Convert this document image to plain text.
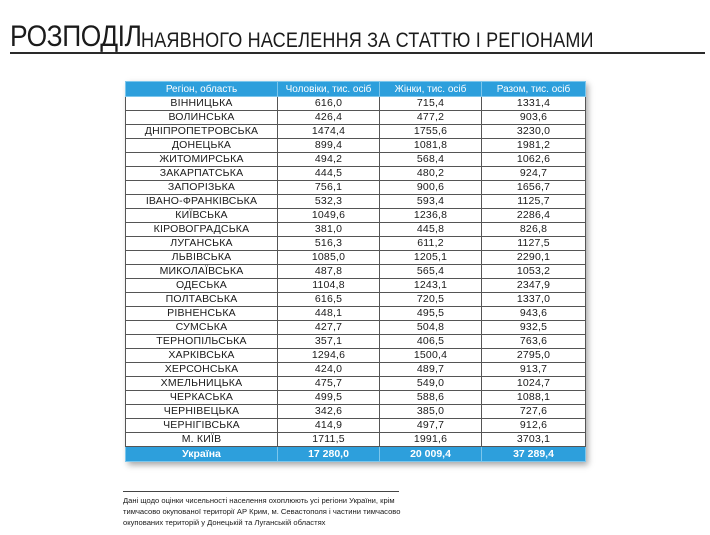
РОЗПОДІЛ НАЯВНОГО НАСЕЛЕННЯ ЗА СТАТТЮ І РЕГІОНАМИ
Регіон, область	Чоловіки, тис. осіб	Жінки, тис. осіб	Разом, тис. осіб
ВІННИЦЬКА	616,0	715,4	1331,4
ВОЛИНСЬКА	426,4	477,2	903,6
ДНІПРОПЕТРОВСЬКА	1474,4	1755,6	3230,0
ДОНЕЦЬКА	899,4	1081,8	1981,2
ЖИТОМИРСЬКА	494,2	568,4	1062,6
ЗАКАРПАТСЬКА	444,5	480,2	924,7
ЗАПОРІЗЬКА	756,1	900,6	1656,7
ІВАНО-ФРАНКІВСЬКА	532,3	593,4	1125,7
КИЇВСЬКА	1049,6	1236,8	2286,4
КІРОВОГРАДСЬКА	381,0	445,8	826,8
ЛУГАНСЬКА	516,3	611,2	1127,5
ЛЬВІВСЬКА	1085,0	1205,1	2290,1
МИКОЛАЇВСЬКА	487,8	565,4	1053,2
ОДЕСЬКА	1104,8	1243,1	2347,9
ПОЛТАВСЬКА	616,5	720,5	1337,0
РІВНЕНСЬКА	448,1	495,5	943,6
СУМСЬКА	427,7	504,8	932,5
ТЕРНОПІЛЬСЬКА	357,1	406,5	763,6
ХАРКІВСЬКА	1294,6	1500,4	2795,0
ХЕРСОНСЬКА	424,0	489,7	913,7
ХМЕЛЬНИЦЬКА	475,7	549,0	1024,7
ЧЕРКАСЬКА	499,5	588,6	1088,1
ЧЕРНІВЕЦЬКА	342,6	385,0	727,6
ЧЕРНІГІВСЬКА	414,9	497,7	912,6
М. КИЇВ	1711,5	1991,6	3703,1
Україна	17 280,0	20 009,4	37 289,4
Дані щодо оцінки чисельності населення охоплюють усі регіони України, крім
тимчасово окупованої території АР Крим, м. Севастополя і частини тимчасово
окупованих територій у Донецькій та Луганській областях
